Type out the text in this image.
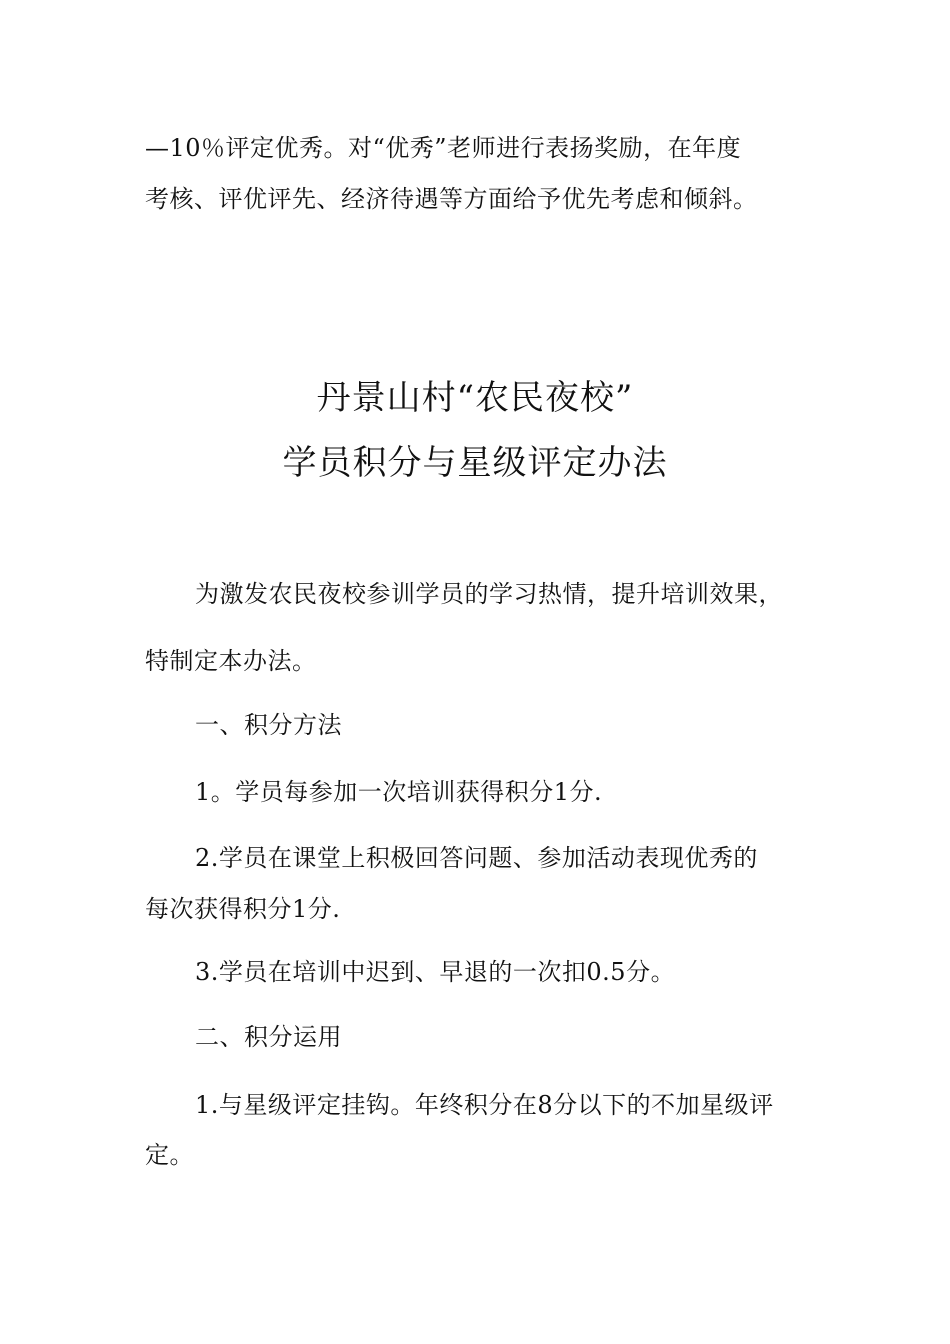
—10％评定优秀。对“优秀”老师进行表扬奖励，在年度
考核、评优评先、经济待遇等方面给予优先考虑和倾斜。
丹景山村“农民夜校”
学员积分与星级评定办法
为激发农民夜校参训学员的学习热情，提升培训效果，
特制定本办法。
一、积分方法
1。学员每参加一次培训获得积分1分.
2.学员在课堂上积极回答问题、参加活动表现优秀的
每次获得积分1分.
3.学员在培训中迟到、早退的一次扣0.5分。
二、积分运用
1.与星级评定挂钩。年终积分在8分以下的不加星级评
定。
